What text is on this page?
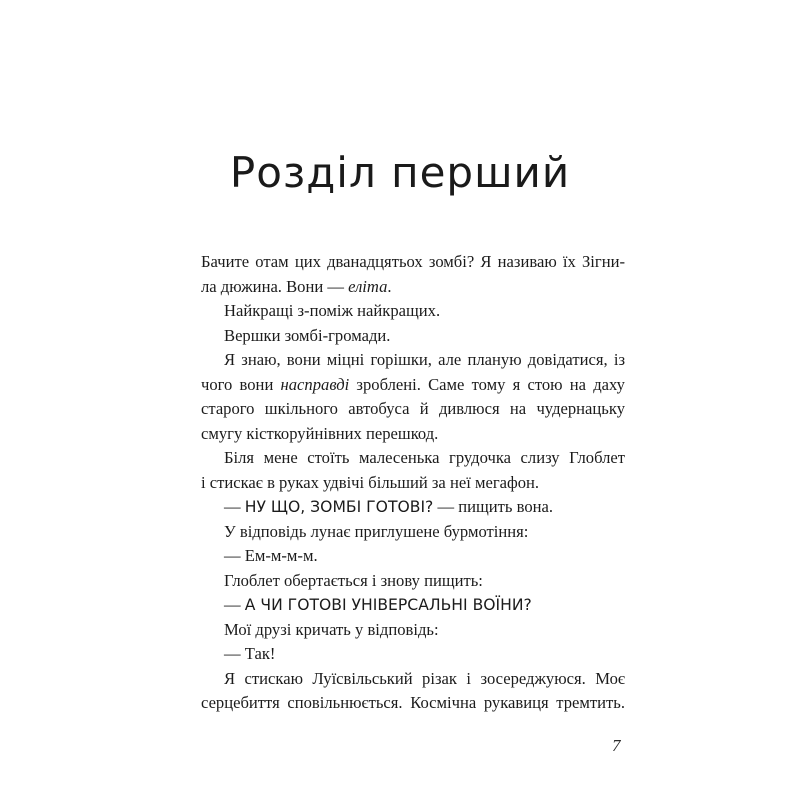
Розділ перший

Бачите отам цих дванадцятьох зомбі? Я називаю їх Зігни-

ла дюжина. Вони — еліта.

Найкращі з-поміж найкращих.

Вершки зомбі-громади.

Я знаю, вони міцні горішки, але планую довідатися, із

чого вони насправді зроблені. Саме тому я стою на даху

старого шкільного автобуса й дивлюся на чудернацьку

смугу кісткоруйнівних перешкод.

Біля мене стоїть малесенька грудочка слизу Глоблет

і стискає в руках удвічі більший за неї мегафон.

— НУ ЩО, ЗОМБІ ГОТОВІ? — пищить вона.

У відповідь лунає приглушене бурмотіння:

— Ем-м-м-м.

Глоблет обертається і знову пищить:

— А ЧИ ГОТОВІ УНІВЕРСАЛЬНІ ВОЇНИ?

Мої друзі кричать у відповідь:

— Так!

Я стискаю Луїсвільський різак і зосереджуюся. Моє

серцебиття сповільнюється. Космічна рукавиця тремтить.

7
